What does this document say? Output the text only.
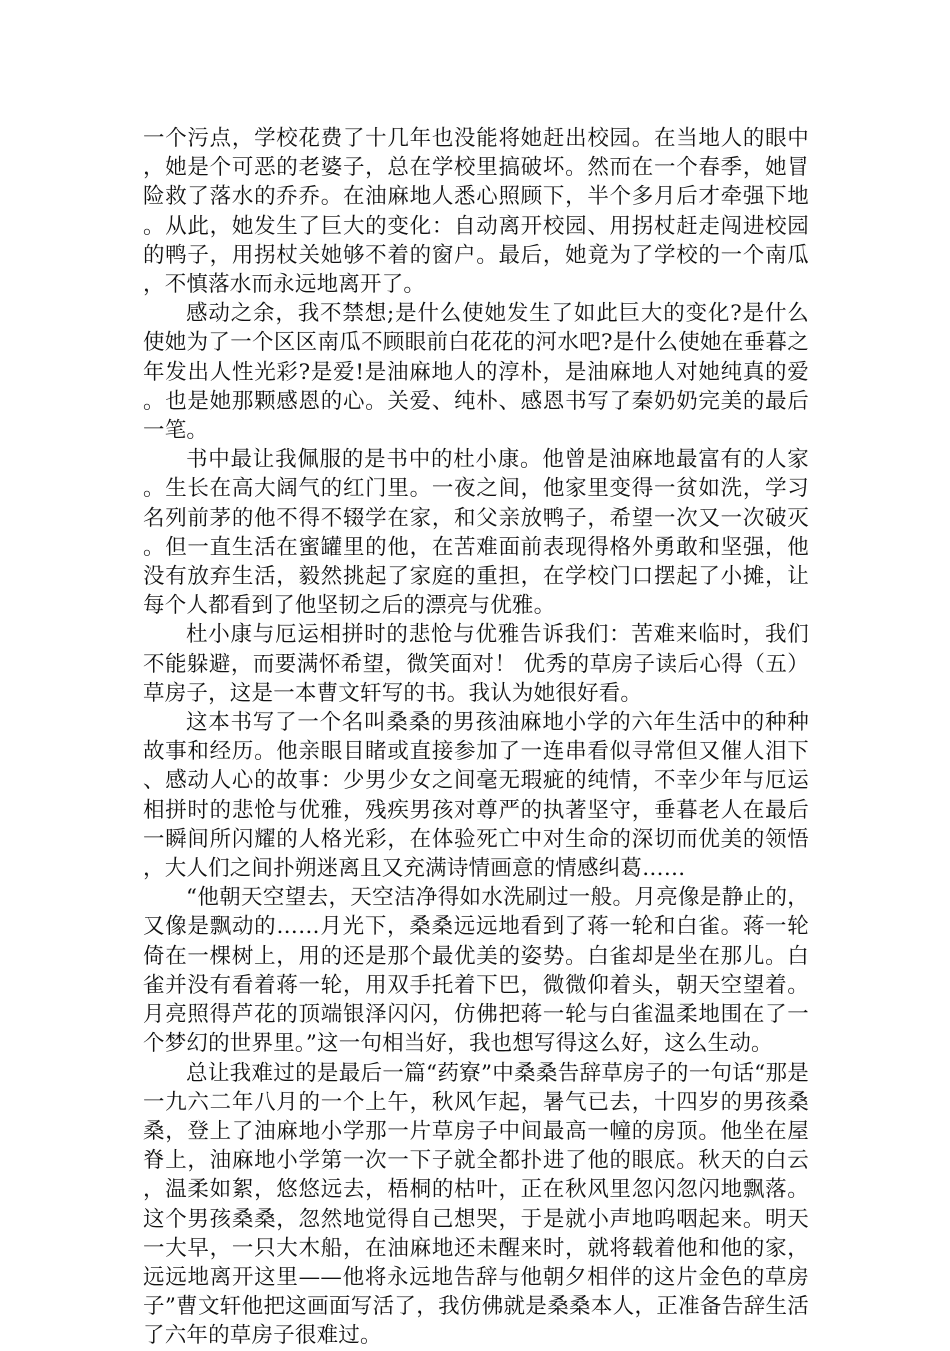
一个污点，学校花费了十几年也没能将她赶出校园。在当地人的眼中，她是个可恶的老婆子，总在学校里搞破坏。然而在一个春季，她冒险救了落水的乔乔。在油麻地人悉心照顾下，半个多月后才牵强下地。从此，她发生了巨大的变化：自动离开校园、用拐杖赶走闯进校园的鸭子，用拐杖关她够不着的窗户。最后，她竟为了学校的一个南瓜，不慎落水而永远地离开了。

感动之余，我不禁想;是什么使她发生了如此巨大的变化?是什么使她为了一个区区南瓜不顾眼前白花花的河水吧?是什么使她在垂暮之年发出人性光彩?是爱!是油麻地人的淳朴，是油麻地人对她纯真的爱。也是她那颗感恩的心。关爱、纯朴、感恩书写了秦奶奶完美的最后一笔。

书中最让我佩服的是书中的杜小康。他曾是油麻地最富有的人家。生长在高大阔气的红门里。一夜之间，他家里变得一贫如洗，学习名列前茅的他不得不辍学在家，和父亲放鸭子，希望一次又一次破灭。但一直生活在蜜罐里的他，在苦难面前表现得格外勇敢和坚强，他没有放弃生活，毅然挑起了家庭的重担，在学校门口摆起了小摊，让每个人都看到了他坚韧之后的漂亮与优雅。

杜小康与厄运相拼时的悲怆与优雅告诉我们：苦难来临时，我们不能躲避，而要满怀希望，微笑面对！ 优秀的草房子读后心得（五） 草房子，这是一本曹文轩写的书。我认为她很好看。

这本书写了一个名叫桑桑的男孩油麻地小学的六年生活中的种种故事和经历。他亲眼目睹或直接参加了一连串看似寻常但又催人泪下、感动人心的故事：少男少女之间毫无瑕疵的纯情，不幸少年与厄运相拼时的悲怆与优雅，残疾男孩对尊严的执著坚守，垂暮老人在最后一瞬间所闪耀的人格光彩，在体验死亡中对生命的深切而优美的领悟，大人们之间扑朔迷离且又充满诗情画意的情感纠葛……

“他朝天空望去，天空洁净得如水洗刷过一般。月亮像是静止的，又像是飘动的……月光下，桑桑远远地看到了蒋一轮和白雀。蒋一轮倚在一棵树上，用的还是那个最优美的姿势。白雀却是坐在那儿。白雀并没有看着蒋一轮，用双手托着下巴，微微仰着头，朝天空望着。月亮照得芦花的顶端银泽闪闪，仿佛把蒋一轮与白雀温柔地围在了一个梦幻的世界里。”这一句相当好，我也想写得这么好，这么生动。

总让我难过的是最后一篇“药寮”中桑桑告辞草房子的一句话“那是一九六二年八月的一个上午，秋风乍起，暑气已去，十四岁的男孩桑桑，登上了油麻地小学那一片草房子中间最高一幢的房顶。他坐在屋脊上，油麻地小学第一次一下子就全都扑进了他的眼底。秋天的白云，温柔如絮，悠悠远去，梧桐的枯叶，正在秋风里忽闪忽闪地飘落。这个男孩桑桑，忽然地觉得自己想哭，于是就小声地呜咽起来。明天一大早，一只大木船，在油麻地还未醒来时，就将载着他和他的家，远远地离开这里——他将永远地告辞与他朝夕相伴的这片金色的草房子”曹文轩他把这画面写活了，我仿佛就是桑桑本人，正准备告辞生活了六年的草房子很难过。
